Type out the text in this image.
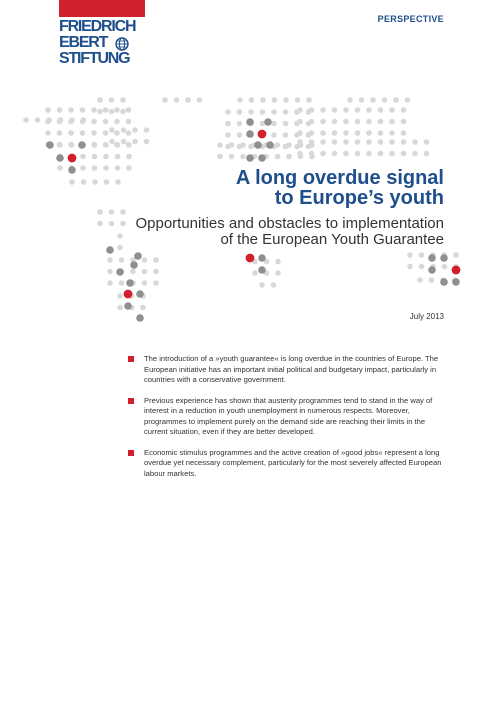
FRIEDRICH
EBERT
STIFTUNG
PERSPECTIVE
A long overdue signal
to Europe’s youth
Opportunities and obstacles to implementation
of the European Youth Guarantee
July 2013
The introduction of a »youth guarantee« is long overdue in the countries of Europe. The European initiative has an important initial political and budgetary impact, particularly in countries with a conservative government.
Previous experience has shown that austerity programmes tend to stand in the way of interest in a reduction in youth unemployment in numerous respects. Moreover, programmes to implement purely on the demand side are reaching their limits in the current situation, even if they are better developed.
Economic stimulus programmes and the active creation of »good jobs« represent a long overdue yet necessary complement, particularly for the most severely affected European labour markets.
